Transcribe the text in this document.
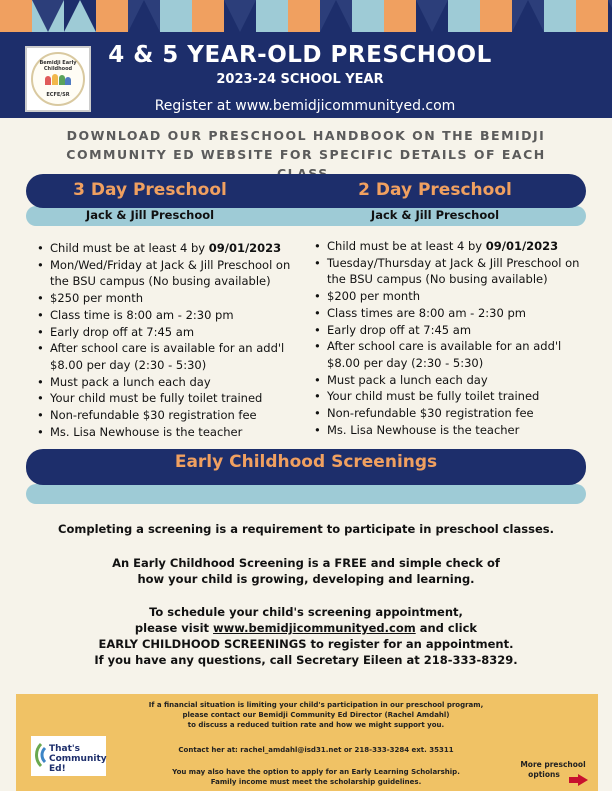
Bemidji Early Childhood
ECFE/SR
4 & 5 YEAR-OLD PRESCHOOL
2023-24 SCHOOL YEAR
Register at www.bemidjicommunityed.com
DOWNLOAD OUR PRESCHOOL HANDBOOK ON THE BEMIDJI
COMMUNITY ED WEBSITE FOR SPECIFIC DETAILS OF EACH
3 Day Preschool	2 Day Preschool
Jack & Jill Preschool	Jack & Jill Preschool
• Child must be at least 4 by 09/01/2023
• Mon/Wed/Friday at Jack & Jill Preschool on the BSU campus (No busing available)
• $250 per month
• Class time is 8:00 am - 2:30 pm
• Early drop off at 7:45 am
• After school care is available for an add'l $8.00 per day (2:30 - 5:30)
• Must pack a lunch each day
• Your child must be fully toilet trained
• Non-refundable $30 registration fee
• Ms. Lisa Newhouse is the teacher
• Child must be at least 4 by 09/01/2023
• Tuesday/Thursday at Jack & Jill Preschool on the BSU campus (No busing available)
• $200 per month
• Class times are 8:00 am - 2:30 pm
• Early drop off at 7:45 am
• After school care is available for an add'l $8.00 per day (2:30 - 5:30)
• Must pack a lunch each day
• Your child must be fully toilet trained
• Non-refundable $30 registration fee
• Ms. Lisa Newhouse is the teacher
Early Childhood Screenings
Completing a screening is a requirement to participate in preschool classes.
An Early Childhood Screening is a FREE and simple check of
how your child is growing, developing and learning.
To schedule your child's screening appointment,
please visit www.bemidjicommunityed.com and click
EARLY CHILDHOOD SCREENINGS to register for an appointment.
If you have any questions, call Secretary Eileen at 218-333-8329.
If a financial situation is limiting your child's participation in our preschool program,
please contact our Bemidji Community Ed Director (Rachel Amdahl)
to discuss a reduced tuition rate and how we might support you.
Contact her at: rachel_amdahl@isd31.net or 218-333-3284 ext. 35311
You may also have the option to apply for an Early Learning Scholarship.
Family income must meet the scholarship guidelines.
That's
Community Ed!	More preschool
options
